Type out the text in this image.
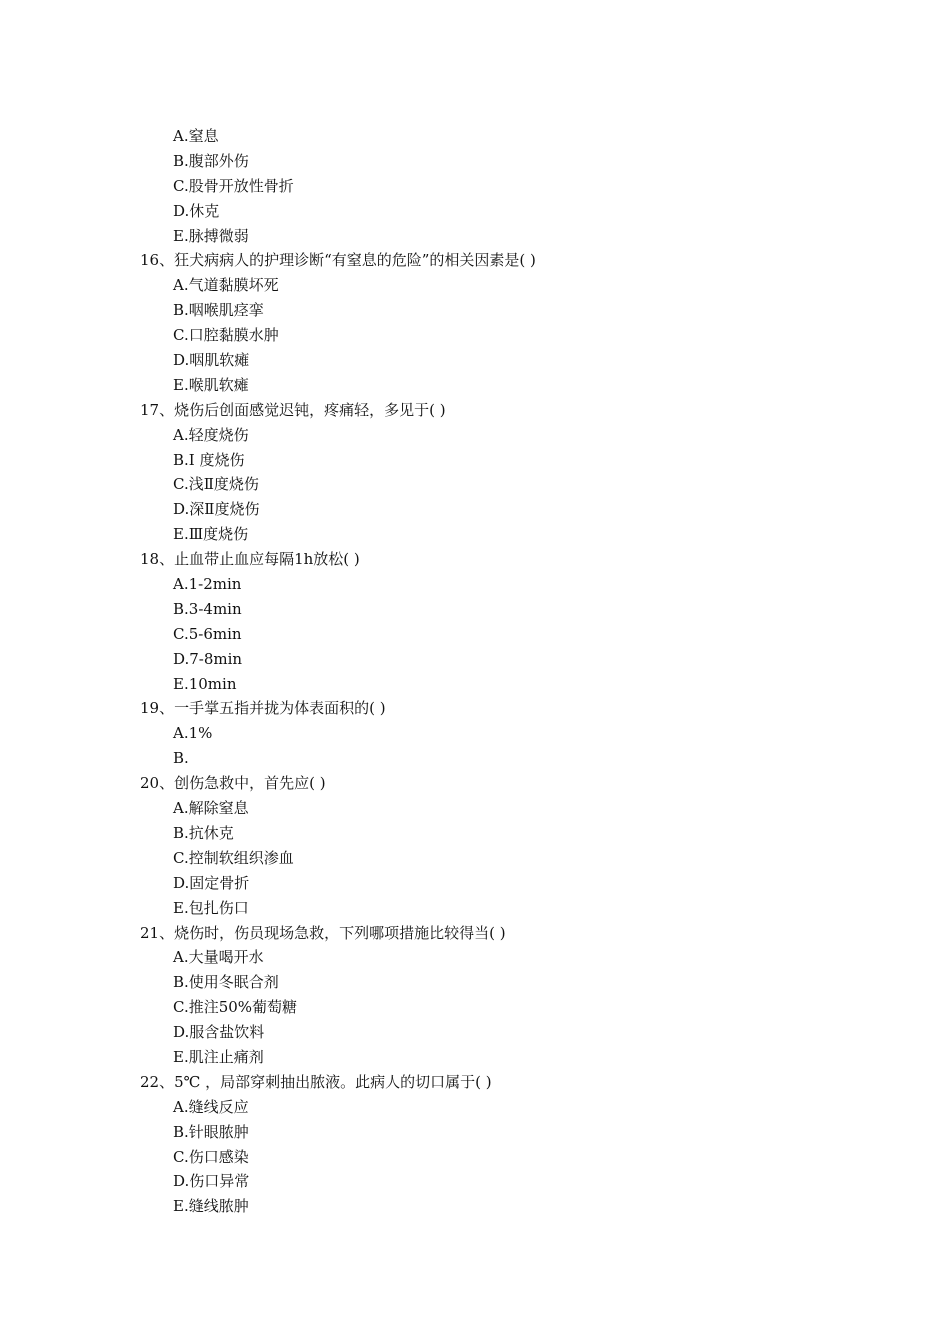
A.窒息
B.腹部外伤
C.股骨开放性骨折
D.休克
E.脉搏微弱
16、狂犬病病人的护理诊断“有窒息的危险”的相关因素是( )
A.气道黏膜坏死
B.咽喉肌痉挛
C.口腔黏膜水肿
D.咽肌软瘫
E.喉肌软瘫
17、烧伤后创面感觉迟钝，疼痛轻，多见于( )
A.轻度烧伤
B.Ⅰ 度烧伤
C.浅Ⅱ度烧伤
D.深Ⅱ度烧伤
E.Ⅲ度烧伤
18、止血带止血应每隔1h放松( )
A.1-2min
B.3-4min
C.5-6min
D.7-8min
E.10min
19、一手掌五指并拢为体表面积的( )
A.1%
B.
20、创伤急救中，首先应( )
A.解除窒息
B.抗休克
C.控制软组织渗血
D.固定骨折
E.包扎伤口
21、烧伤时，伤员现场急救，下列哪项措施比较得当( )
A.大量喝开水
B.使用冬眠合剂
C.推注50%葡萄糖
D.服含盐饮料
E.肌注止痛剂
22、5℃ ，局部穿刺抽出脓液。此病人的切口属于( )
A.缝线反应
B.针眼脓肿
C.伤口感染
D.伤口异常
E.缝线脓肿
